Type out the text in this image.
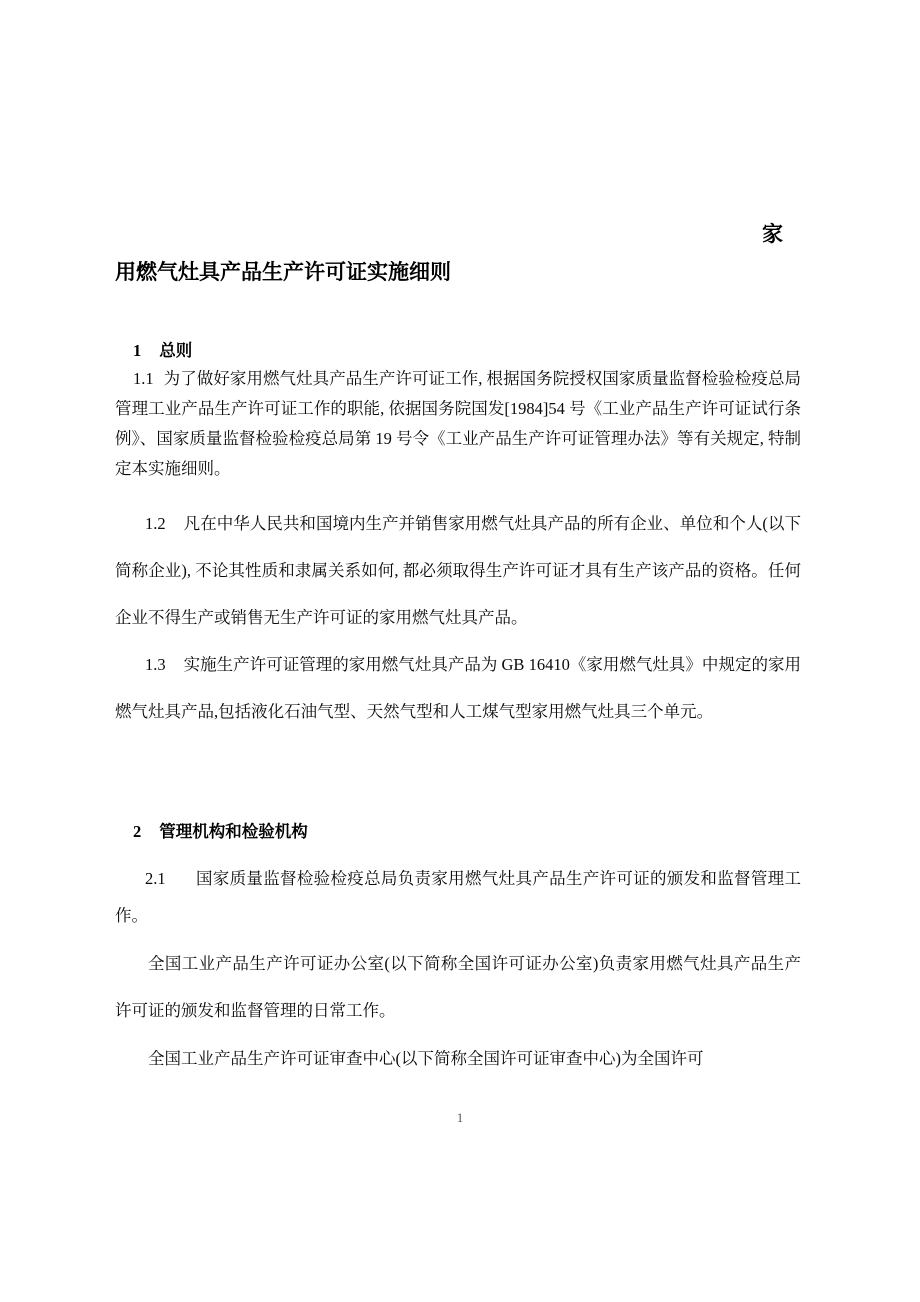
家
用燃气灶具产品生产许可证实施细则
1 总则
1.1 为了做好家用燃气灶具产品生产许可证工作, 根据国务院授权国家质量监督检验检疫总局管理工业产品生产许可证工作的职能, 依据国务院国发[1984]54 号《工业产品生产许可证试行条例》、国家质量监督检验检疫总局第 19 号令《工业产品生产许可证管理办法》等有关规定, 特制定本实施细则。
1.2 凡在中华人民共和国境内生产并销售家用燃气灶具产品的所有企业、单位和个人(以下简称企业), 不论其性质和隶属关系如何, 都必须取得生产许可证才具有生产该产品的资格。任何企业不得生产或销售无生产许可证的家用燃气灶具产品。
1.3 实施生产许可证管理的家用燃气灶具产品为 GB 16410《家用燃气灶具》中规定的家用燃气灶具产品,包括液化石油气型、天然气型和人工煤气型家用燃气灶具三个单元。
2 管理机构和检验机构
2.1 国家质量监督检验检疫总局负责家用燃气灶具产品生产许可证的颁发和监督管理工作。
全国工业产品生产许可证办公室(以下简称全国许可证办公室)负责家用燃气灶具产品生产许可证的颁发和监督管理的日常工作。
全国工业产品生产许可证审查中心(以下简称全国许可证审查中心)为全国许可
1
